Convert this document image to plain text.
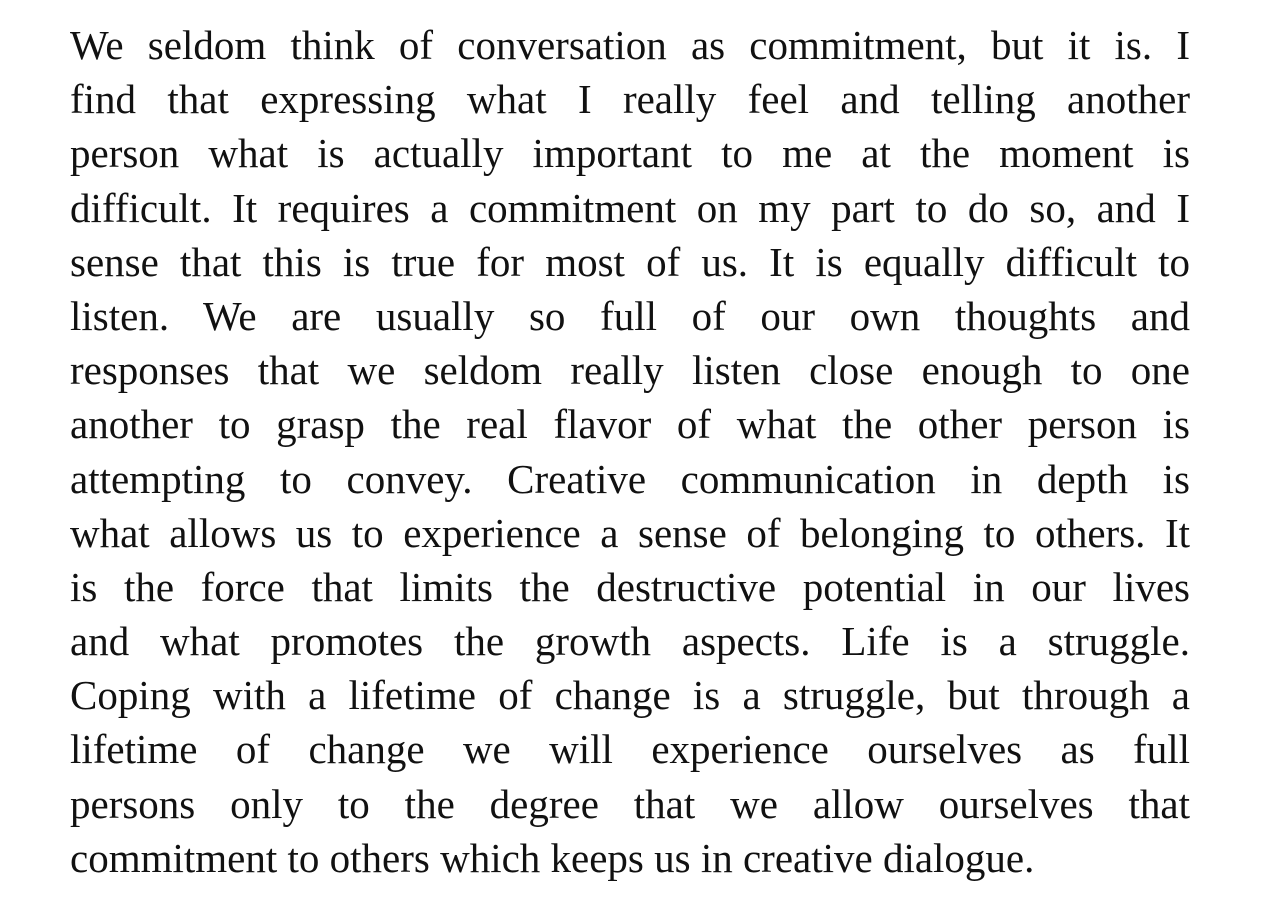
We seldom think of conversation as commitment, but it is. I
find that expressing what I really feel and telling another
person what is actually important to me at the moment is
difficult. It requires a commitment on my part to do so, and I
sense that this is true for most of us. It is equally difficult to
listen. We are usually so full of our own thoughts and
responses that we seldom really listen close enough to one
another to grasp the real flavor of what the other person is
attempting to convey. Creative communication in depth is
what allows us to experience a sense of belonging to others. It
is the force that limits the destructive potential in our lives
and what promotes the growth aspects. Life is a struggle.
Coping with a lifetime of change is a struggle, but through a
lifetime of change we will experience ourselves as full
persons only to the degree that we allow ourselves that
commitment to others which keeps us in creative dialogue.
